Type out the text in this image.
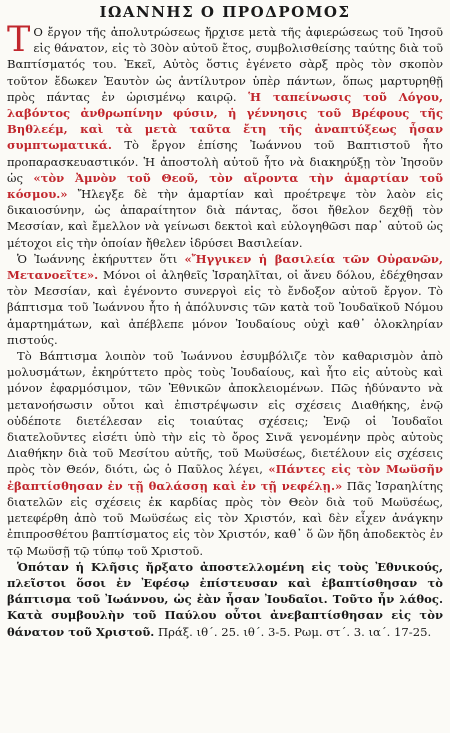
ΙΩΑΝΝΗΣ Ο ΠΡΟΔΡΟΜΟΣ

Τ Ο ἔργον τῆς ἀπολυτρώσεως ἤρχισε μετὰ τῆς ἀφιερώσεως τοῦ Ἰησοῦ εἰς θάνατον, εἰς τὸ 30ὸν αὐτοῦ ἔτος, συμβολισθείσης ταύτης διὰ τοῦ Βαπτίσματός του. Ἐκεῖ, Αὐτὸς ὅστις ἐγένετο σὰρξ πρὸς τὸν σκοπὸν τοῦτον ἔδωκεν Ἑαυτὸν ὡς ἀντίλυτρον ὑπὲρ πάντων, ὅπως μαρτυρηθῇ πρὸς πάντας ἐν ὡρισμένῳ καιρῷ. Ἡ ταπείνωσις τοῦ Λόγου, λαβόντος ἀνθρωπίνην φύσιν, ἡ γέννησις τοῦ Βρέφους τῆς Βηθλεέμ, καὶ τὰ μετὰ ταῦτα ἔτη τῆς ἀναπτύξεως ἦσαν συμπτωματικά. Τὸ ἔργον ἐπίσης Ἰωάννου τοῦ Βαπτιστοῦ ἦτο προπαρασκευαστικόν. Ἡ ἀποστολὴ αὐτοῦ ἦτο νὰ διακηρύξῃ τὸν Ἰησοῦν ὡς «τὸν Ἀμνὸν τοῦ Θεοῦ, τὸν αἴροντα τὴν ἁμαρτίαν τοῦ κόσμου.» Ἤλεγξε δὲ τὴν ἁμαρτίαν καὶ προέτρεψε τὸν λαὸν εἰς δικαιοσύνην, ὡς ἀπαραίτητον διὰ πάντας, ὅσοι ἤθελον δεχθῇ τὸν Μεσσίαν, καὶ ἔμελλον νὰ γείνωσι δεκτοὶ καὶ εὐλογηθῶσι παρ᾽ αὐτοῦ ὡς μέτοχοι εἰς τὴν ὁποίαν ἤθελεν ἱδρύσει Βασιλείαν.

Ὁ Ἰωάννης ἐκήρυττεν ὅτι «Ἤγγικεν ἡ βασιλεία τῶν Οὐρανῶν, Μετανοεῖτε». Μόνοι οἱ ἀληθεῖς Ἰσραηλῖται, οἱ ἄνευ δόλου, ἐδέχθησαν τὸν Μεσσίαν, καὶ ἐγένοντο συνεργοὶ εἰς τὸ ἔνδοξον αὐτοῦ ἔργον. Τὸ βάπτισμα τοῦ Ἰωάννου ἦτο ἡ ἀπόλυνσις τῶν κατὰ τοῦ Ἰουδαϊκοῦ Νόμου ἁμαρτημάτων, καὶ ἀπέβλεπε μόνον Ἰουδαίους οὐχὶ καθ᾽ ὁλοκληρίαν πιστούς.

Τὸ Βάπτισμα λοιπὸν τοῦ Ἰωάννου ἐσυμβόλιζε τὸν καθαρισμὸν ἀπὸ μολυσμάτων, ἐκηρύττετο πρὸς τοὺς Ἰουδαίους, καὶ ἦτο εἰς αὐτοὺς καὶ μόνον ἐφαρμόσιμον, τῶν Ἐθνικῶν ἀποκλειομένων. Πῶς ἠδύναντο νὰ μετανοήσωσιν οὗτοι καὶ ἐπιστρέψωσιν εἰς σχέσεις Διαθήκης, ἐνῷ οὐδέποτε διετέλεσαν εἰς τοιαύτας σχέσεις; Ἐνῷ οἱ Ἰουδαῖοι διατελοῦντες εἰσέτι ὑπὸ τὴν εἰς τὸ ὄρος Σινᾶ γενομένην πρὸς αὐτοὺς Διαθήκην διὰ τοῦ Μεσίτου αὐτῆς, τοῦ Μωϋσέως, διετέλουν εἰς σχέσεις πρὸς τὸν Θεόν, διότι, ὡς ὁ Παῦλος λέγει, «Πάντες εἰς τὸν Μωϋσῆν ἐβαπτίσθησαν ἐν τῇ θαλάσσῃ καὶ ἐν τῇ νεφέλῃ.» Πᾶς Ἰσραηλίτης διατελῶν εἰς σχέσεις ἐκ καρδίας πρὸς τὸν Θεὸν διὰ τοῦ Μωϋσέως, μετεφέρθη ἀπὸ τοῦ Μωϋσέως εἰς τὸν Χριστόν, καὶ δὲν εἶχεν ἀνάγκην ἐπιπροσθέτου βαπτίσματος εἰς τὸν Χριστόν, καθ᾽ ὅ ὢν ἤδη ἀποδεκτὸς ἐν τῷ Μωϋσῇ τῷ τύπῳ τοῦ Χριστοῦ.

Ὁπόταν ἡ Κλῆσις ἤρξατο ἀποστελλομένη εἰς τοὺς Ἐθνικούς, πλεῖστοι ὅσοι ἐν Ἐφέσῳ ἐπίστευσαν καὶ ἐβαπτίσθησαν τὸ βάπτισμα τοῦ Ἰωάννου, ὡς ἐὰν ἦσαν Ἰουδαῖοι. Τοῦτο ἦν λάθος. Κατὰ συμβουλὴν τοῦ Παύλου οὗτοι ἀνεβαπτίσθησαν εἰς τὸν θάνατον τοῦ Χριστοῦ. Πράξ. ιθ΄. 25. ιθ΄. 3-5. Ρωμ. στ΄. 3. ια΄. 17-25.
